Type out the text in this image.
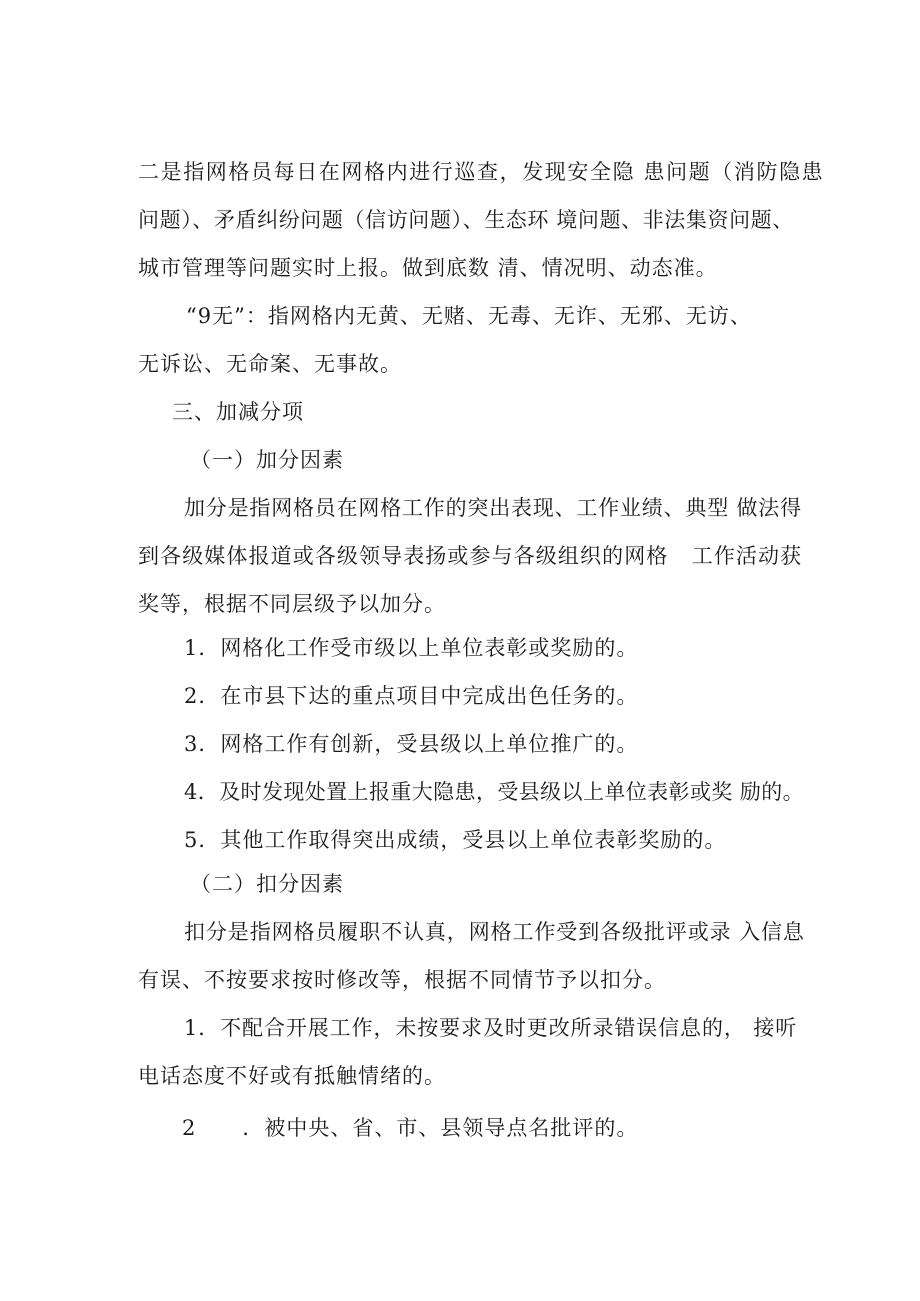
二是指网格员每日在网格内进行巡查，发现安全隐 患问题（消防隐患
问题）、矛盾纠纷问题（信访问题）、生态环 境问题、非法集资问题、
城市管理等问题实时上报。做到底数 清、情况明、动态准。
“9无”：指网格内无黄、无赌、无毒、无诈、无邪、无访、
无诉讼、无命案、无事故。
三、加减分项
（一）加分因素
加分是指网格员在网格工作的突出表现、工作业绩、典型 做法得
到各级媒体报道或各级领导表扬或参与各级组织的网格   工作活动获
奖等，根据不同层级予以加分。
1．网格化工作受市级以上单位表彰或奖励的。
2．在市县下达的重点项目中完成出色任务的。
3．网格工作有创新，受县级以上单位推广的。
4．及时发现处置上报重大隐患，受县级以上单位表彰或奖 励的。
5．其他工作取得突出成绩，受县以上单位表彰奖励的。
（二）扣分因素
扣分是指网格员履职不认真，网格工作受到各级批评或录 入信息
有误、不按要求按时修改等，根据不同情节予以扣分。
1．不配合开展工作，未按要求及时更改所录错误信息的， 接听
电话态度不好或有抵触情绪的。
2      ．被中央、省、市、县领导点名批评的。
